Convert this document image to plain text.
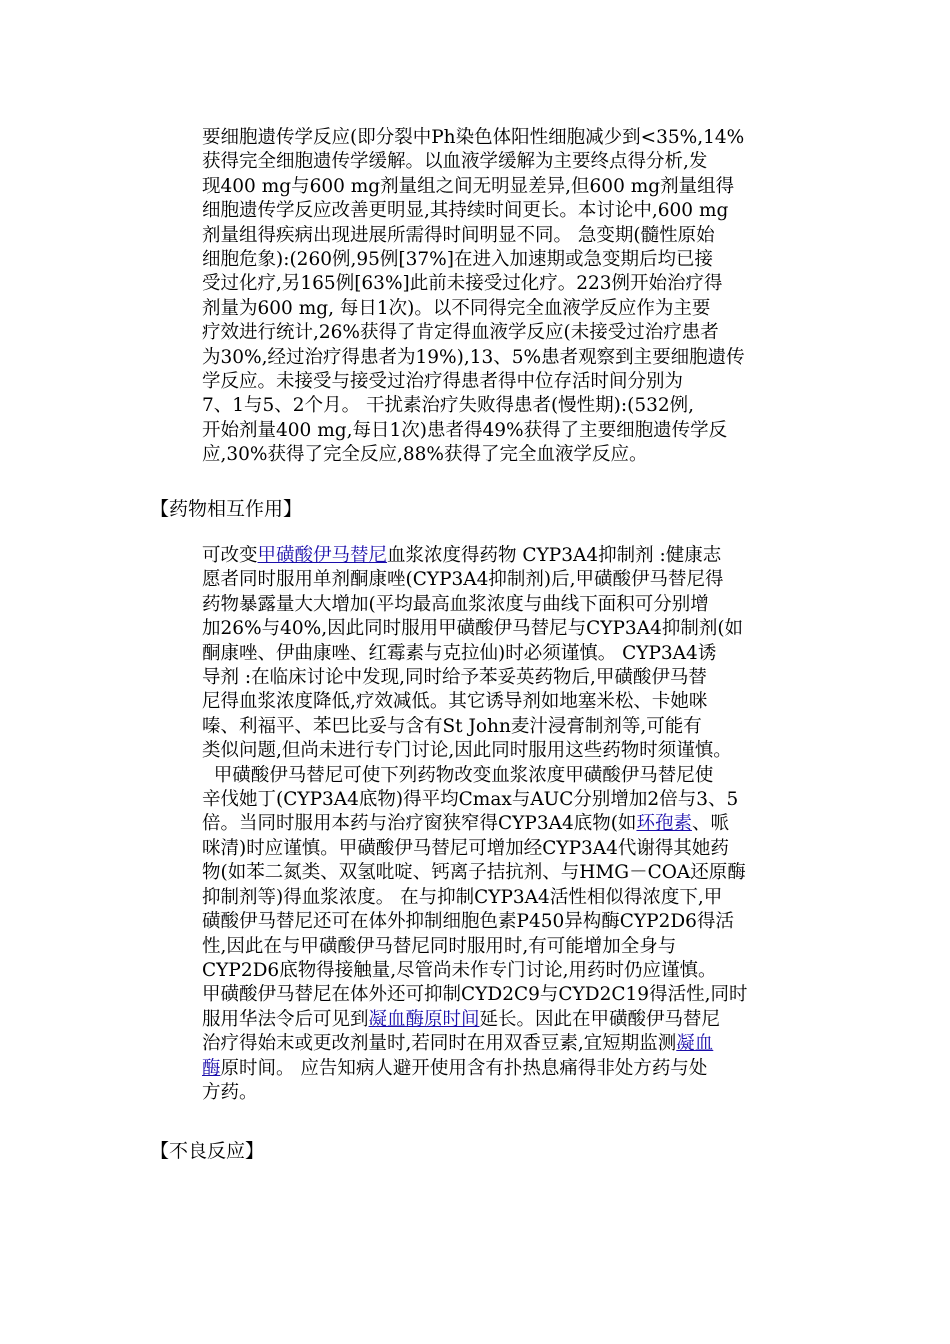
要细胞遗传学反应(即分裂中Ph染色体阳性细胞减少到<35%,14%
获得完全细胞遗传学缓解。以血液学缓解为主要终点得分析,发
现400 mg与600 mg剂量组之间无明显差异,但600 mg剂量组得
细胞遗传学反应改善更明显,其持续时间更长。本讨论中,600 mg
剂量组得疾病出现进展所需得时间明显不同。 急变期(髓性原始
细胞危象):(260例,95例[37%]在进入加速期或急变期后均已接
受过化疗,另165例[63%]此前未接受过化疗。223例开始治疗得
剂量为600 mg, 每日1次)。以不同得完全血液学反应作为主要
疗效进行统计,26%获得了肯定得血液学反应(未接受过治疗患者
为30%,经过治疗得患者为19%),13、5%患者观察到主要细胞遗传
学反应。未接受与接受过治疗得患者得中位存活时间分别为
7、1与5、2个月。 干扰素治疗失败得患者(慢性期):(532例,
开始剂量400 mg,每日1次)患者得49%获得了主要细胞遗传学反
应,30%获得了完全反应,88%获得了完全血液学反应。
【药物相互作用】
可改变甲磺酸伊马替尼血浆浓度得药物 CYP3A4抑制剂 :健康志
愿者同时服用单剂酮康唑(CYP3A4抑制剂)后,甲磺酸伊马替尼得
药物暴露量大大增加(平均最高血浆浓度与曲线下面积可分别增
加26%与40%,因此同时服用甲磺酸伊马替尼与CYP3A4抑制剂(如
酮康唑、伊曲康唑、红霉素与克拉仙)时必须谨慎。 CYP3A4诱
导剂 :在临床讨论中发现,同时给予苯妥英药物后,甲磺酸伊马替
尼得血浆浓度降低,疗效减低。其它诱导剂如地塞米松、卡她咪
嗪、利福平、苯巴比妥与含有St John麦汁浸膏制剂等,可能有
类似问题,但尚未进行专门讨论,因此同时服用这些药物时须谨慎。
甲磺酸伊马替尼可使下列药物改变血浆浓度甲磺酸伊马替尼使
辛伐她丁(CYP3A4底物)得平均Cmax与AUC分别增加2倍与3、5
倍。当同时服用本药与治疗窗狭窄得CYP3A4底物(如环孢素、哌
咪清)时应谨慎。甲磺酸伊马替尼可增加经CYP3A4代谢得其她药
物(如苯二氮类、双氢吡啶、钙离子拮抗剂、与HMG－COA还原酶
抑制剂等)得血浆浓度。 在与抑制CYP3A4活性相似得浓度下,甲
磺酸伊马替尼还可在体外抑制细胞色素P450异构酶CYP2D6得活
性,因此在与甲磺酸伊马替尼同时服用时,有可能增加全身与
CYP2D6底物得接触量,尽管尚未作专门讨论,用药时仍应谨慎。
甲磺酸伊马替尼在体外还可抑制CYD2C9与CYD2C19得活性,同时
服用华法令后可见到凝血酶原时间延长。因此在甲磺酸伊马替尼
治疗得始末或更改剂量时,若同时在用双香豆素,宜短期监测凝血
酶原时间。 应告知病人避开使用含有扑热息痛得非处方药与处
方药。
【不良反应】
